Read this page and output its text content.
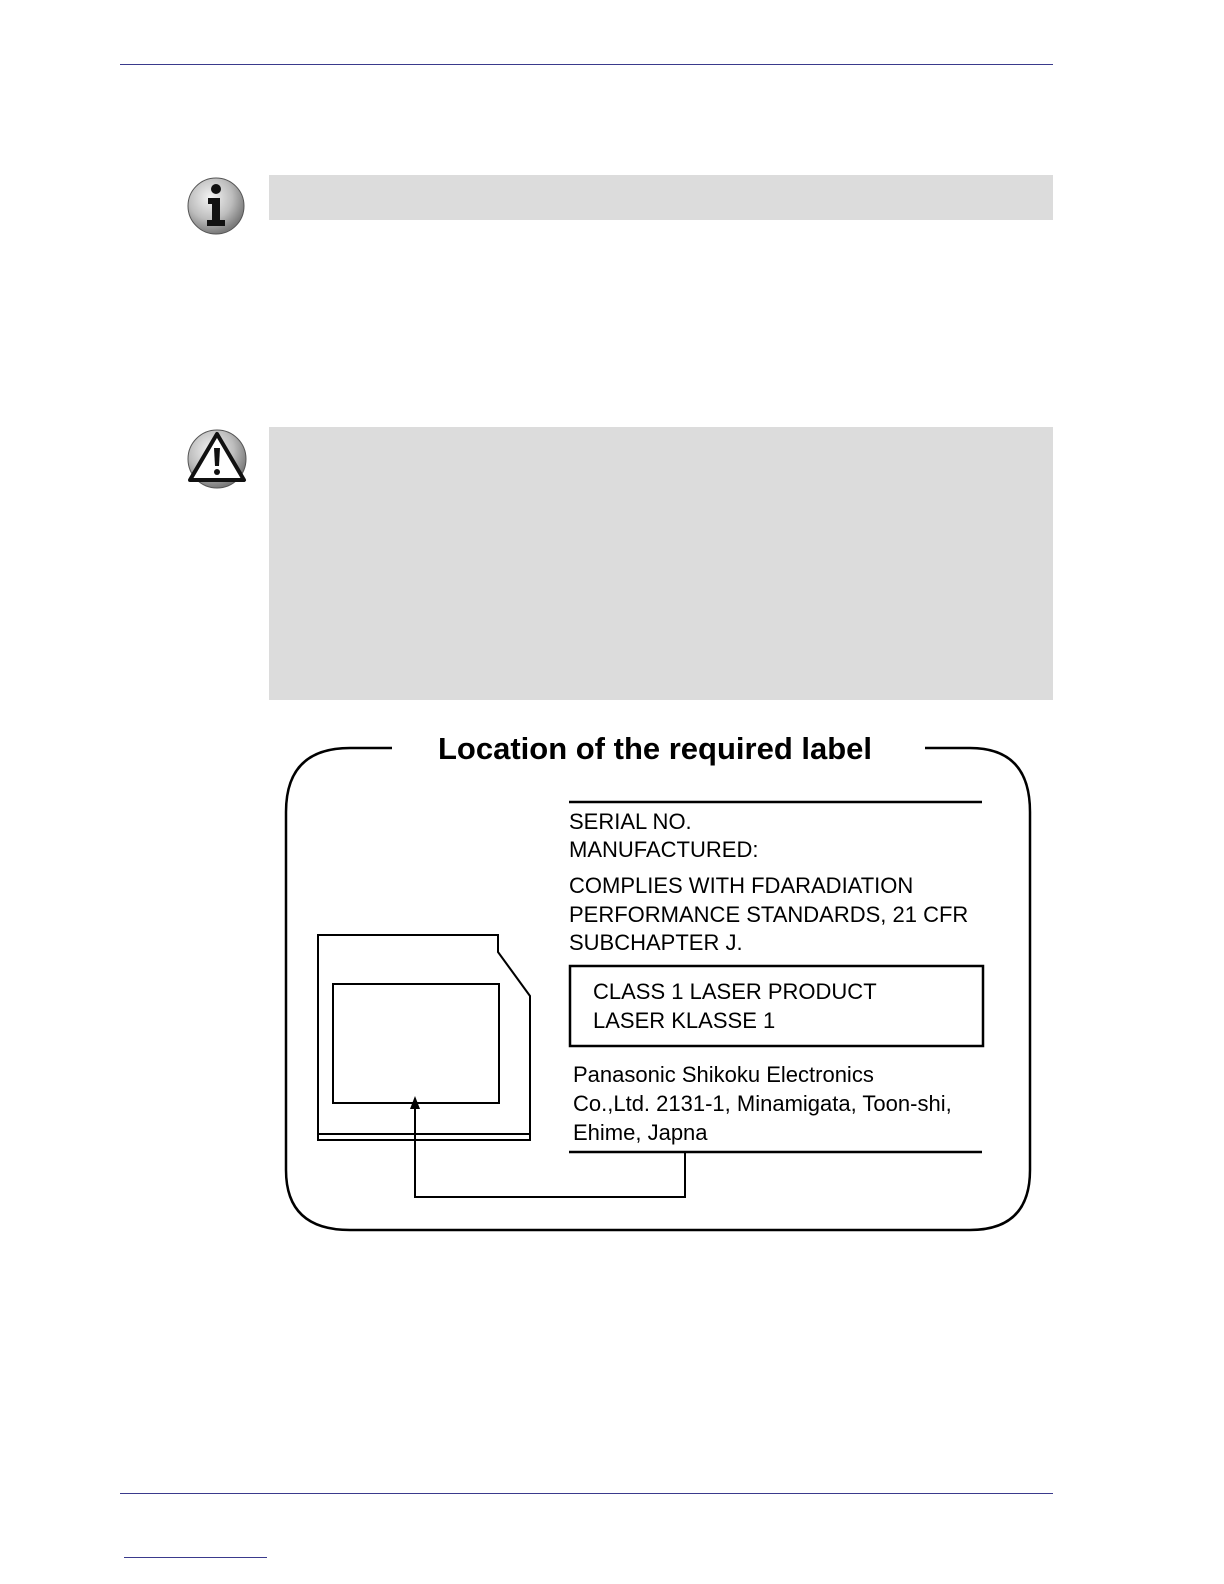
Location of the required label
SERIAL NO.
MANUFACTURED:
COMPLIES WITH FDARADIATION
PERFORMANCE STANDARDS, 21 CFR
SUBCHAPTER J.
CLASS 1 LASER PRODUCT
LASER KLASSE 1
Panasonic Shikoku Electronics
Co.,Ltd. 2131-1, Minamigata, Toon-shi,
Ehime, Japna
